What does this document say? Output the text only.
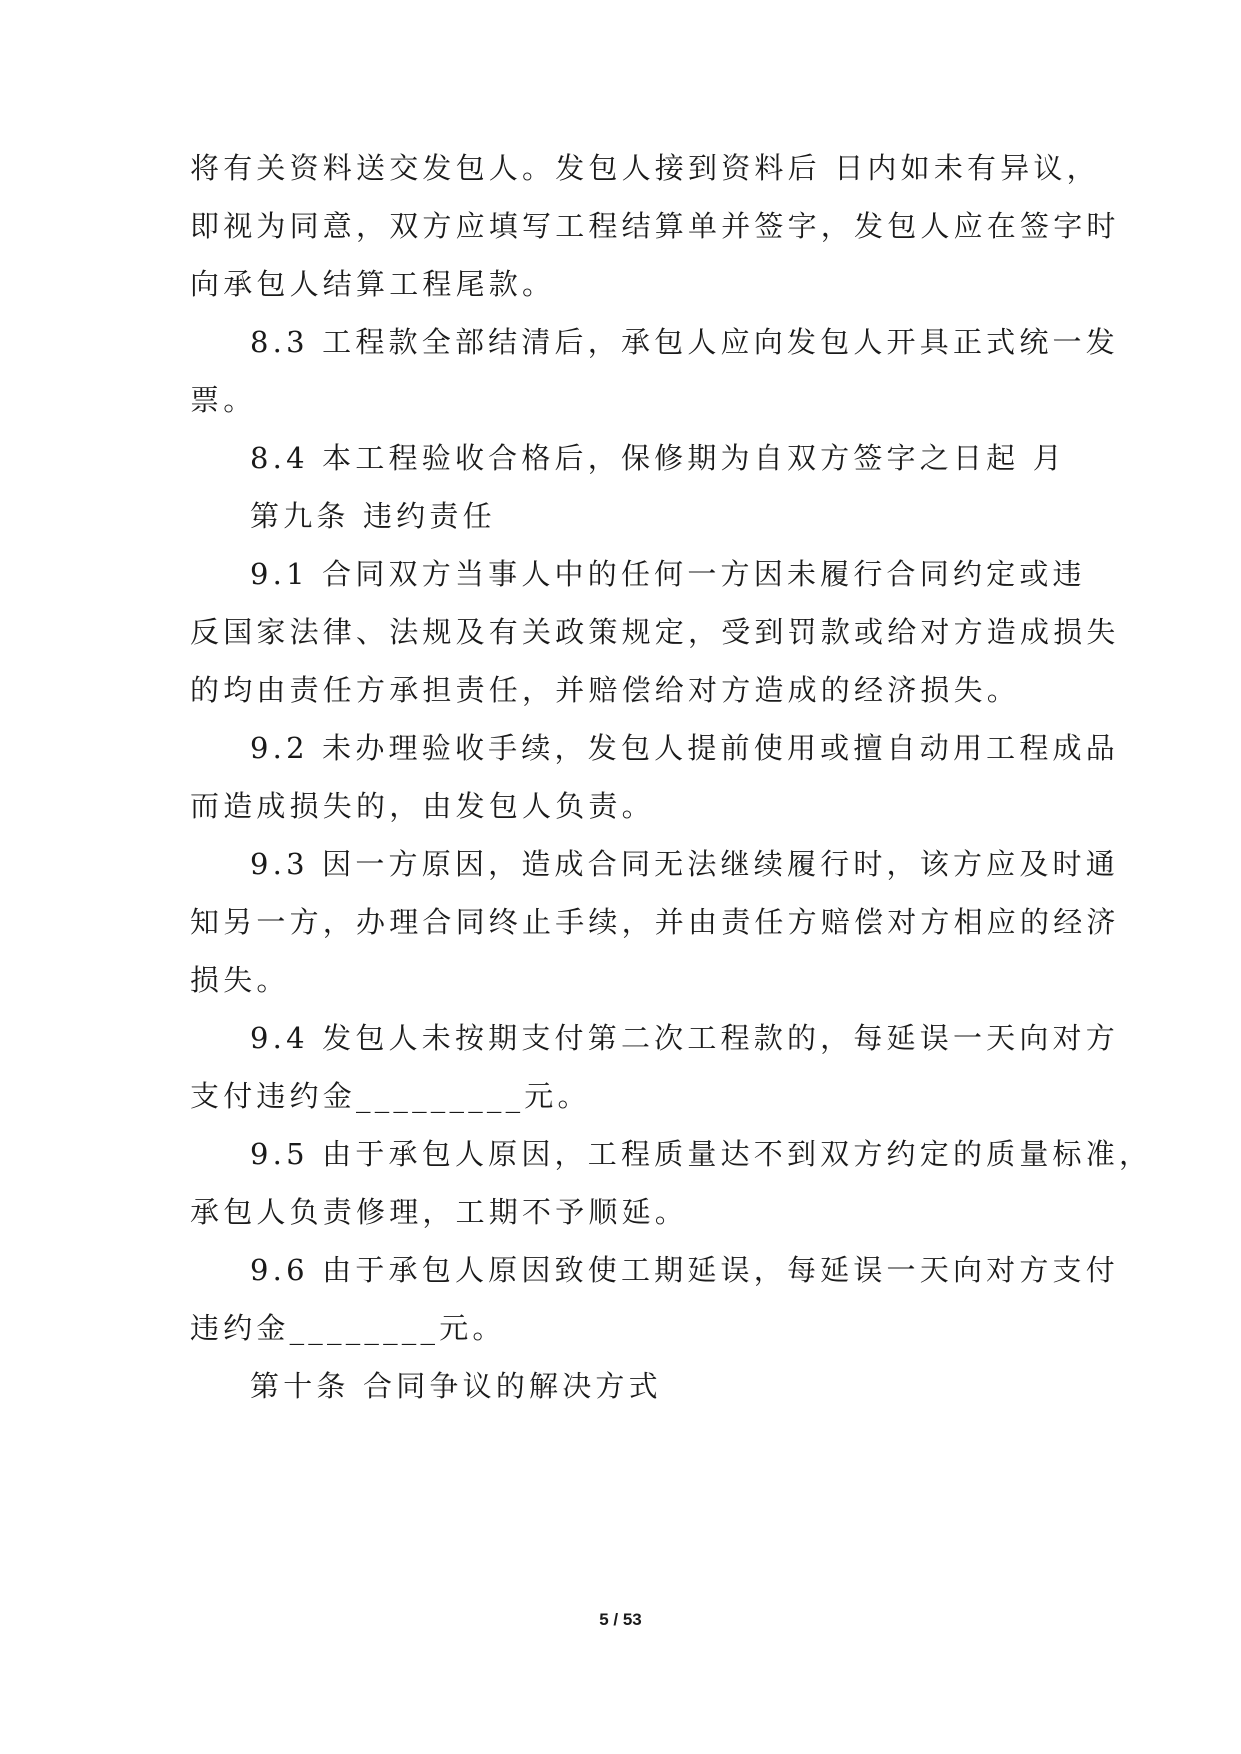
将有关资料送交发包人。发包人接到资料后 日内如未有异议，
即视为同意，双方应填写工程结算单并签字，发包人应在签字时
向承包人结算工程尾款。
8.3 工程款全部结清后，承包人应向发包人开具正式统一发
票。
8.4 本工程验收合格后，保修期为自双方签字之日起 月
第九条 违约责任
9.1 合同双方当事人中的任何一方因未履行合同约定或违
反国家法律、法规及有关政策规定，受到罚款或给对方造成损失
的均由责任方承担责任，并赔偿给对方造成的经济损失。
9.2 未办理验收手续，发包人提前使用或擅自动用工程成品
而造成损失的，由发包人负责。
9.3 因一方原因，造成合同无法继续履行时，该方应及时通
知另一方，办理合同终止手续，并由责任方赔偿对方相应的经济
损失。
9.4 发包人未按期支付第二次工程款的，每延误一天向对方
支付违约金_________元。
9.5 由于承包人原因，工程质量达不到双方约定的质量标准，
承包人负责修理，工期不予顺延。
9.6 由于承包人原因致使工期延误，每延误一天向对方支付
违约金________元。
第十条 合同争议的解决方式
5 / 53
